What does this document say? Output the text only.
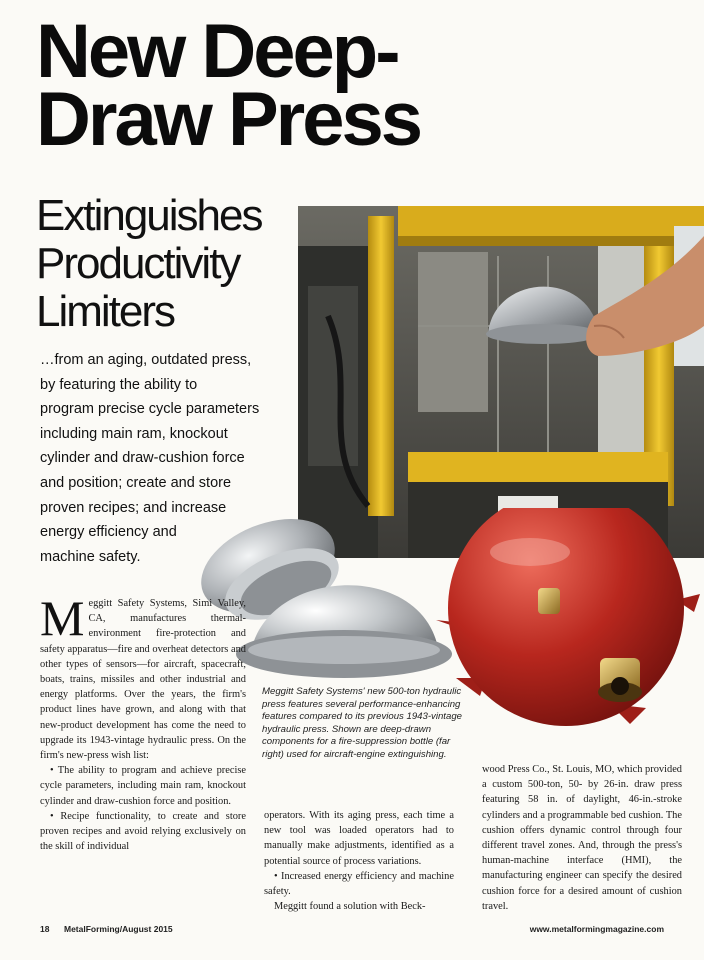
New Deep-
Draw Press
Extinguishes
Productivity
Limiters
…from an aging, outdated press,
by featuring the ability to
program precise cycle parameters
including main ram, knockout
cylinder and draw-cushion force
and position; create and store
proven recipes; and increase
energy efficiency and
machine safety.
Meggitt Safety Systems' new 500-ton hydraulic press features several performance-enhancing features compared to its previous 1943-vintage hydraulic press. Shown are deep-drawn components for a fire-suppression bottle (far right) used for aircraft-engine extinguishing.

Meggitt Safety Systems, Simi Valley, CA, manufactures thermal-environment fire-protection and safety apparatus—fire and overheat detectors and other types of sensors—for aircraft, spacecraft, boats, trains, missiles and other industrial and energy platforms. Over the years, the firm's product lines have grown, and along with that new-product development has come the need to upgrade its 1943-vintage hydraulic press. On the firm's new-press wish list:

• The ability to program and achieve precise cycle parameters, including main ram, knockout cylinder and draw-cushion force and position.

• Recipe functionality, to create and store proven recipes and avoid relying exclusively on the skill of individual

operators. With its aging press, each time a new tool was loaded operators had to manually make adjustments, identified as a potential source of process variations.

• Increased energy efficiency and machine safety.

Meggitt found a solution with Beck-

wood Press Co., St. Louis, MO, which provided a custom 500-ton, 50- by 26-in. draw press featuring 58 in. of daylight, 46-in.-stroke cylinders and a programmable bed cushion. The cushion offers dynamic control through four different travel zones. And, through the press's human-machine interface (HMI), the manufacturing engineer can specify the desired cushion force for a desired amount of cushion travel.

18 MetalForming/August 2015	www.metalformingmagazine.com
